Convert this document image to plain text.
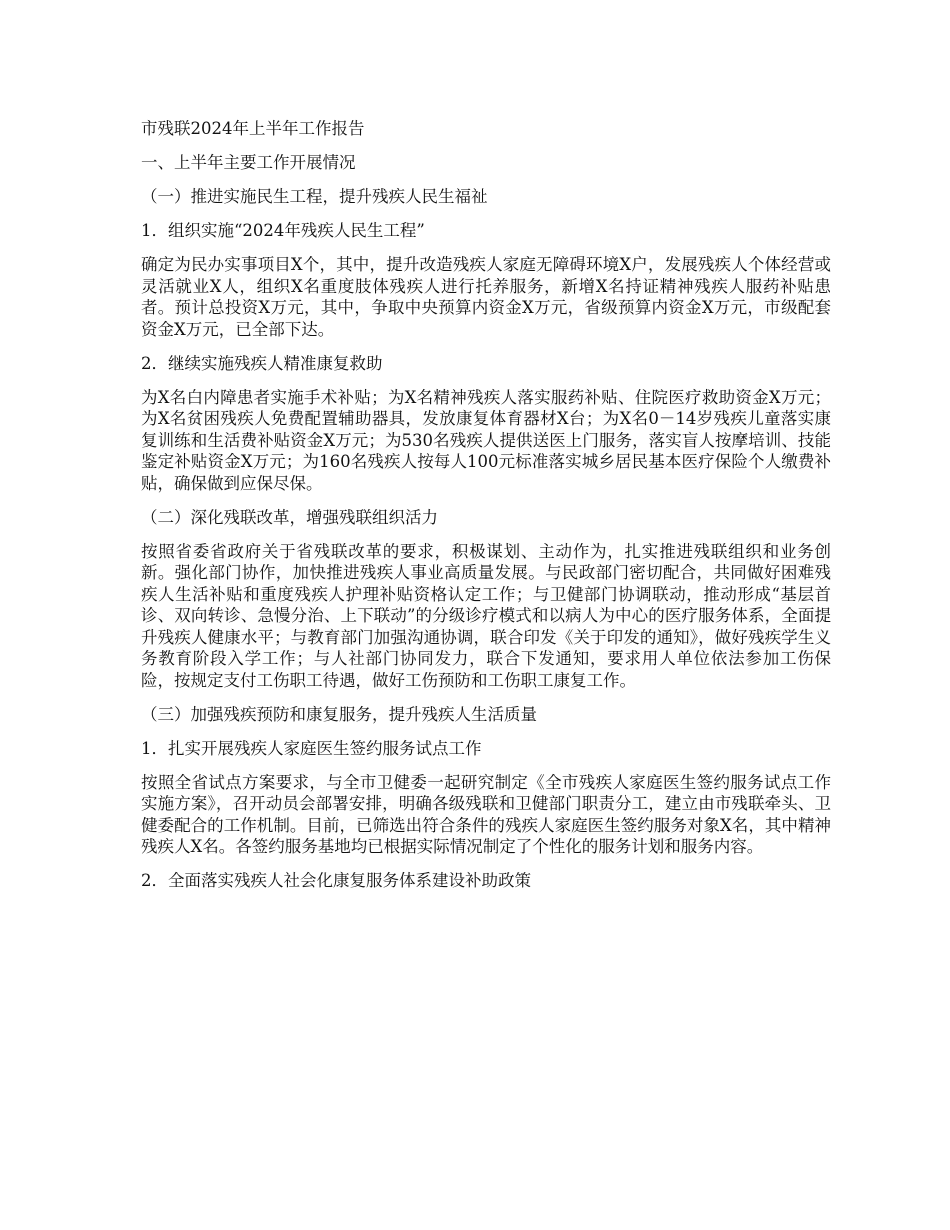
市残联2024年上半年工作报告

一、上半年主要工作开展情况

（一）推进实施民生工程，提升残疾人民生福祉

1．组织实施“2024年残疾人民生工程”

确定为民办实事项目X个，其中，提升改造残疾人家庭无障碍环境X户，发展残疾人个体经营或灵活就业X人，组织X名重度肢体残疾人进行托养服务，新增X名持证精神残疾人服药补贴患者。预计总投资X万元，其中，争取中央预算内资金X万元，省级预算内资金X万元，市级配套资金X万元，已全部下达。

2．继续实施残疾人精准康复救助

为X名白内障患者实施手术补贴；为X名精神残疾人落实服药补贴、住院医疗救助资金X万元；为X名贫困残疾人免费配置辅助器具，发放康复体育器材X台；为X名0－14岁残疾儿童落实康复训练和生活费补贴资金X万元；为530名残疾人提供送医上门服务，落实盲人按摩培训、技能鉴定补贴资金X万元；为160名残疾人按每人100元标准落实城乡居民基本医疗保险个人缴费补贴，确保做到应保尽保。

（二）深化残联改革，增强残联组织活力

按照省委省政府关于省残联改革的要求，积极谋划、主动作为，扎实推进残联组织和业务创新。强化部门协作，加快推进残疾人事业高质量发展。与民政部门密切配合，共同做好困难残疾人生活补贴和重度残疾人护理补贴资格认定工作；与卫健部门协调联动，推动形成“基层首诊、双向转诊、急慢分治、上下联动”的分级诊疗模式和以病人为中心的医疗服务体系，全面提升残疾人健康水平；与教育部门加强沟通协调，联合印发《关于印发的通知》，做好残疾学生义务教育阶段入学工作；与人社部门协同发力，联合下发通知，要求用人单位依法参加工伤保险，按规定支付工伤职工待遇，做好工伤预防和工伤职工康复工作。

（三）加强残疾预防和康复服务，提升残疾人生活质量

1．扎实开展残疾人家庭医生签约服务试点工作

按照全省试点方案要求，与全市卫健委一起研究制定《全市残疾人家庭医生签约服务试点工作实施方案》，召开动员会部署安排，明确各级残联和卫健部门职责分工，建立由市残联牵头、卫健委配合的工作机制。目前，已筛选出符合条件的残疾人家庭医生签约服务对象X名，其中精神残疾人X名。各签约服务基地均已根据实际情况制定了个性化的服务计划和服务内容。

2．全面落实残疾人社会化康复服务体系建设补助政策
